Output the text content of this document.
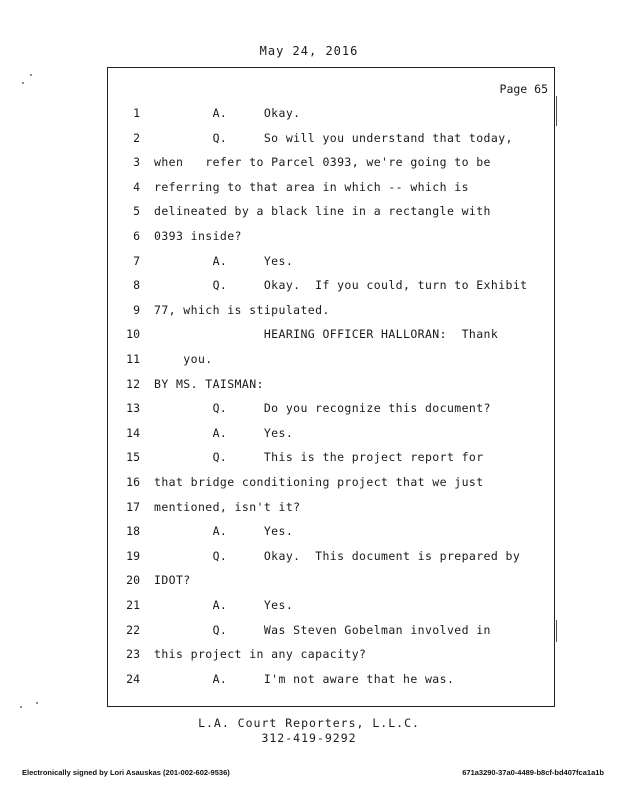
May 24, 2016
Page 65
1 A.     Okay.
2 Q.     So will you understand that today,
3 when   refer to Parcel 0393, we're going to be
4 referring to that area in which -- which is
5 delineated by a black line in a rectangle with
6 0393 inside?
7 A.     Yes.
8 Q.     Okay.  If you could, turn to Exhibit
9 77, which is stipulated.
10 HEARING OFFICER HALLORAN:  Thank
11 you.
12 BY MS. TAISMAN:
13 Q.     Do you recognize this document?
14 A.     Yes.
15 Q.     This is the project report for
16 that bridge conditioning project that we just
17 mentioned, isn't it?
18 A.     Yes.
19 Q.     Okay.  This document is prepared by
20 IDOT?
21 A.     Yes.
22 Q.     Was Steven Gobelman involved in
23 this project in any capacity?
24 A.     I'm not aware that he was.
L.A. Court Reporters, L.L.C.
312-419-9292
Electronically signed by Lori Asauskas (201-002-602-9536)	671a3290-37a0-4489-b8cf-bd407fca1a1b
